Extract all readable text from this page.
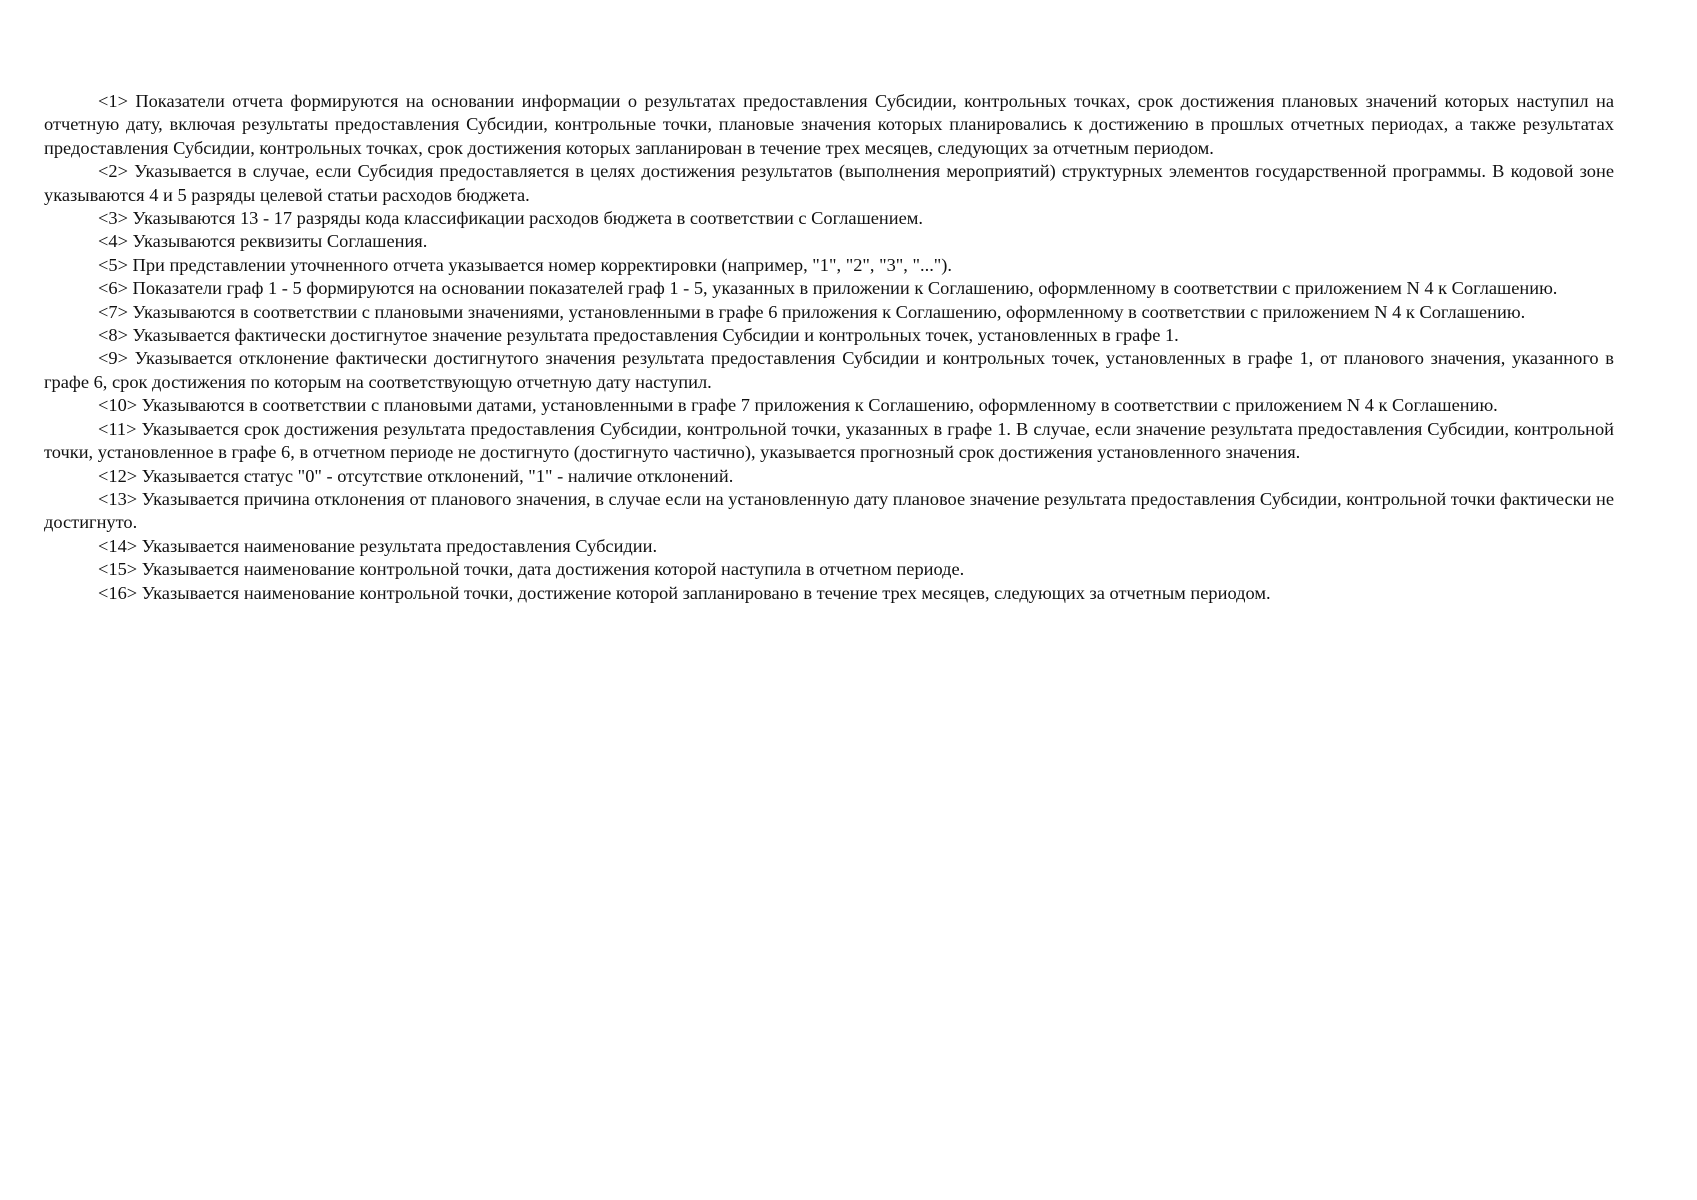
<1> Показатели отчета формируются на основании информации о результатах предоставления Субсидии, контрольных точках, срок достижения плановых значений которых наступил на отчетную дату, включая результаты предоставления Субсидии, контрольные точки, плановые значения которых планировались к достижению в прошлых отчетных периодах, а также результатах предоставления Субсидии, контрольных точках, срок достижения которых запланирован в течение трех месяцев, следующих за отчетным периодом.

<2> Указывается в случае, если Субсидия предоставляется в целях достижения результатов (выполнения мероприятий) структурных элементов государственной программы. В кодовой зоне указываются 4 и 5 разряды целевой статьи расходов бюджета.

<3> Указываются 13 - 17 разряды кода классификации расходов бюджета в соответствии с Соглашением.

<4> Указываются реквизиты Соглашения.

<5> При представлении уточненного отчета указывается номер корректировки (например, "1", "2", "3", "...").

<6> Показатели граф 1 - 5 формируются на основании показателей граф 1 - 5, указанных в приложении к Соглашению, оформленному в соответствии с приложением N 4 к Соглашению.

<7> Указываются в соответствии с плановыми значениями, установленными в графе 6 приложения к Соглашению, оформленному в соответствии с приложением N 4 к Соглашению.

<8> Указывается фактически достигнутое значение результата предоставления Субсидии и контрольных точек, установленных в графе 1.

<9> Указывается отклонение фактически достигнутого значения результата предоставления Субсидии и контрольных точек, установленных в графе 1, от планового значения, указанного в графе 6, срок достижения по которым на соответствующую отчетную дату наступил.

<10> Указываются в соответствии с плановыми датами, установленными в графе 7 приложения к Соглашению, оформленному в соответствии с приложением N 4 к Соглашению.

<11> Указывается срок достижения результата предоставления Субсидии, контрольной точки, указанных в графе 1. В случае, если значение результата предоставления Субсидии, контрольной точки, установленное в графе 6, в отчетном периоде не достигнуто (достигнуто частично), указывается прогнозный срок достижения установленного значения.

<12> Указывается статус "0" - отсутствие отклонений, "1" - наличие отклонений.

<13> Указывается причина отклонения от планового значения, в случае если на установленную дату плановое значение результата предоставления Субсидии, контрольной точки фактически не достигнуто.

<14> Указывается наименование результата предоставления Субсидии.

<15> Указывается наименование контрольной точки, дата достижения которой наступила в отчетном периоде.

<16> Указывается наименование контрольной точки, достижение которой запланировано в течение трех месяцев, следующих за отчетным периодом.
